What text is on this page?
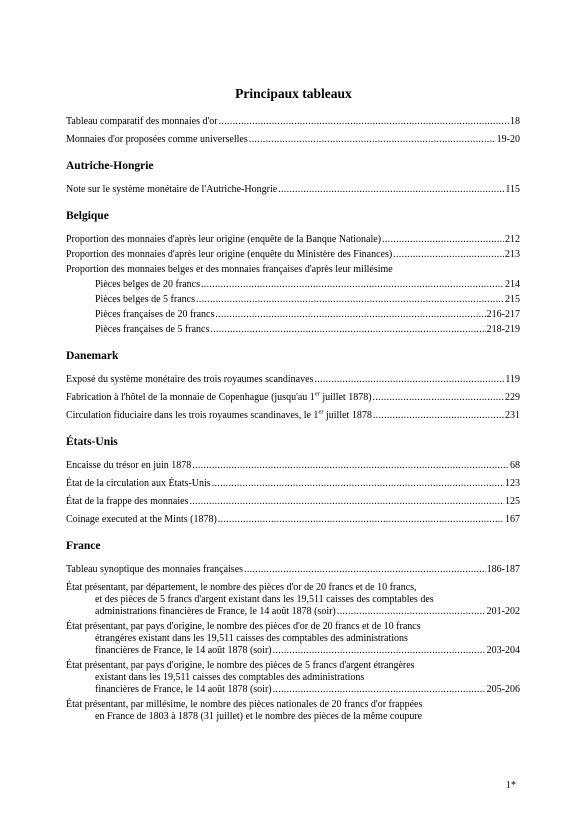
Principaux tableaux
Tableau comparatif des monnaies d'or .....	18
Monnaies d'or proposées comme universelles .....	19-20
Autriche-Hongrie
Note sur le système monétaire de l'Autriche-Hongrie .....	115
Belgique
Proportion des monnaies d'après leur origine (enquête de la Banque Nationale) .....	212
Proportion des monnaies d'après leur origine (enquête du Ministère des Finances) .....	213
Proportion des monnaies belges et des monnaies françaises d'après leur millésime
Pièces belges de 20 francs .....	214
Pièces belges de 5 francs .....	215
Pièces françaises de 20 francs .....	216-217
Pièces françaises de 5 francs .....	218-219
Danemark
Exposé du système monétaire des trois royaumes scandinaves .....	119
Fabrication à l'hôtel de la monnaie de Copenhague (jusqu'au 1er juillet 1878) .....	229
Circulation fiduciaire dans les trois royaumes scandinaves, le 1er juillet 1878 .....	231
États-Unis
Encaisse du trésor en juin 1878 .....	68
État de la circulation aux États-Unis .....	123
État de la frappe des monnaies .....	125
Coinage executed at the Mints (1878) .....	167
France
Tableau synoptique des monnaies françaises .....	186-187
État présentant, par département, le nombre des pièces d'or de 20 francs et de 10 francs,
et des pièces de 5 francs d'argent existant dans les 19,511 caisses des comptables des
administrations financières de France, le 14 août 1878 (soir) .....	201-202
État présentant, par pays d'origine, le nombre des pièces d'or de 20 francs et de 10 francs
étrangères existant dans les 19,511 caisses des comptables des administrations
financières de France, le 14 août 1878 (soir) .....	203-204
État présentant, par pays d'origine, le nombre des pièces de 5 francs d'argent étrangères
existant dans les 19,511 caisses des comptables des administrations
financières de France, le 14 août 1878 (soir) .....	205-206
État présentant, par millésime, le nombre des pièces nationales de 20 francs d'or frappées
en France de 1803 à 1878 (31 juillet) et le nombre des pièces de la même coupure
1*
